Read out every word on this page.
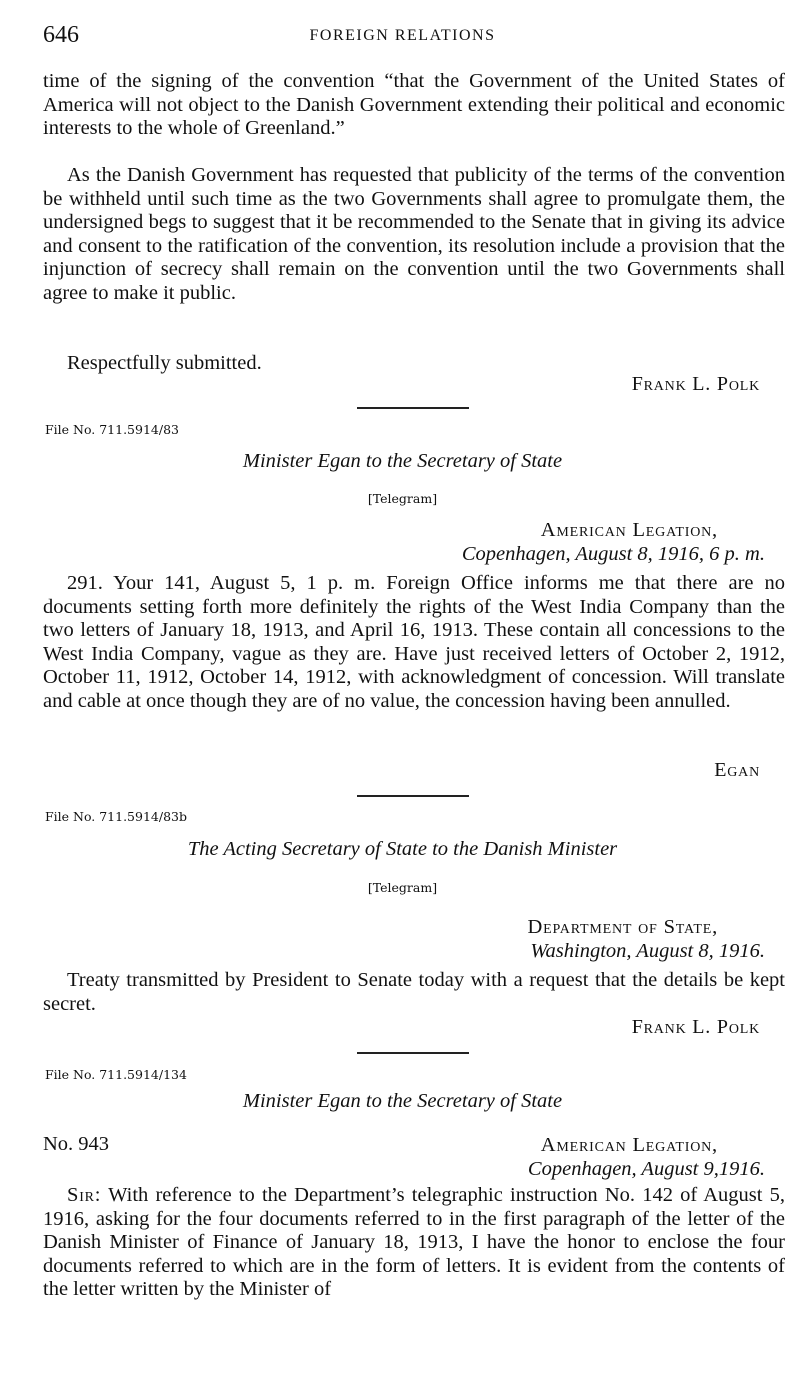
646	FOREIGN RELATIONS

time of the signing of the convention “that the Government of the United States of America will not object to the Danish Government extending their political and economic interests to the whole of Greenland.”

As the Danish Government has requested that publicity of the terms of the convention be withheld until such time as the two Governments shall agree to promulgate them, the undersigned begs to suggest that it be recommended to the Senate that in giving its advice and consent to the ratification of the convention, its resolution include a provision that the injunction of secrecy shall remain on the convention until the two Governments shall agree to make it public.

Respectfully submitted.

Frank L. Polk
File No. 711.5914/83
Minister Egan to the Secretary of State
[Telegram]
American Legation,
Copenhagen, August 8, 1916, 6 p. m.

291. Your 141, August 5, 1 p. m. Foreign Office informs me that there are no documents setting forth more definitely the rights of the West India Company than the two letters of January 18, 1913, and April 16, 1913. These contain all concessions to the West India Company, vague as they are. Have just received letters of October 2, 1912, October 11, 1912, October 14, 1912, with acknowledgment of concession. Will translate and cable at once though they are of no value, the concession having been annulled.

Egan
File No. 711.5914/83b
The Acting Secretary of State to the Danish Minister
[Telegram]
Department of State,
Washington, August 8, 1916.

Treaty transmitted by President to Senate today with a request that the details be kept secret.

Frank L. Polk
File No. 711.5914/134
Minister Egan to the Secretary of State
No. 943	American Legation,
Copenhagen, August 9,1916.

Sir: With reference to the Department’s telegraphic instruction No. 142 of August 5, 1916, asking for the four documents referred to in the first paragraph of the letter of the Danish Minister of Finance of January 18, 1913, I have the honor to enclose the four documents referred to which are in the form of letters. It is evident from the contents of the letter written by the Minister of
